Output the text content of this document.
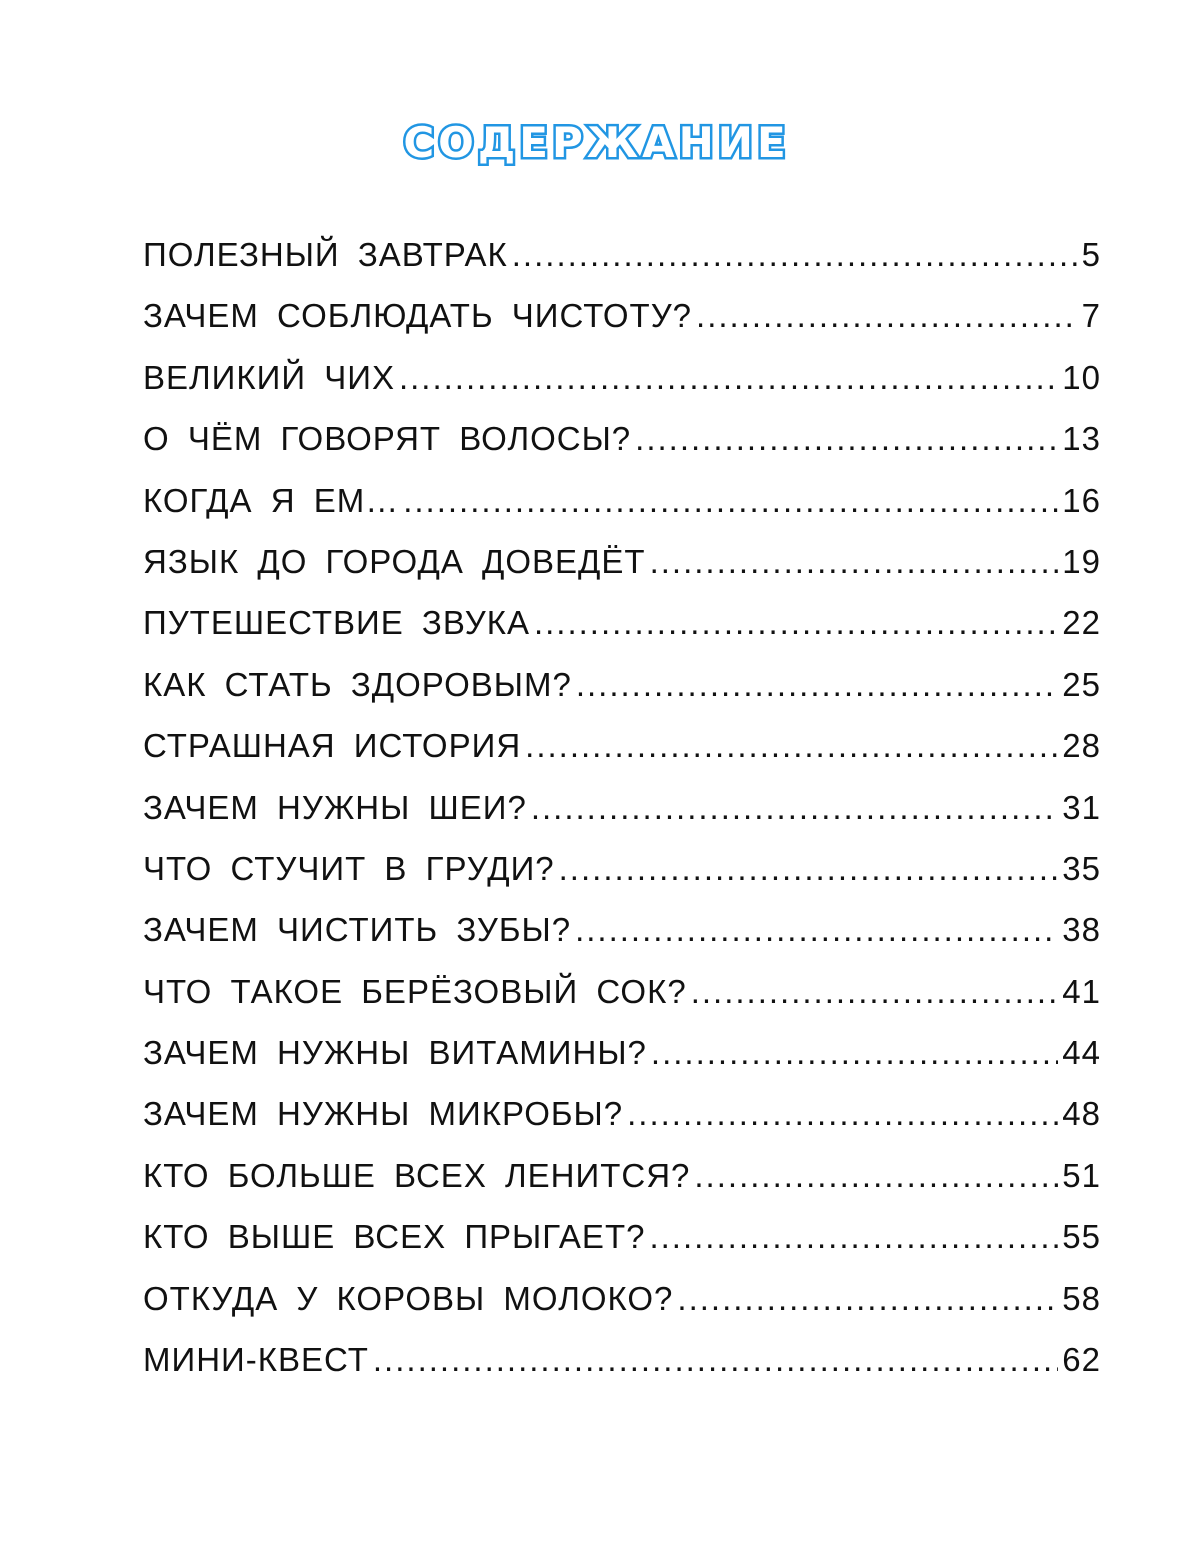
СОДЕРЖАНИЕ
ПОЛЕЗНЫЙ ЗАВТРАК .....	5
ЗАЧЕМ СОБЛЮДАТЬ ЧИСТОТУ? .....	7
ВЕЛИКИЙ ЧИХ .....	10
О ЧЁМ ГОВОРЯТ ВОЛОСЫ? .....	13
КОГДА Я ЕМ… .....	16
ЯЗЫК ДО ГОРОДА ДОВЕДЁТ .....	19
ПУТЕШЕСТВИЕ ЗВУКА .....	22
КАК СТАТЬ ЗДОРОВЫМ? .....	25
СТРАШНАЯ ИСТОРИЯ .....	28
ЗАЧЕМ НУЖНЫ ШЕИ? .....	31
ЧТО СТУЧИТ В ГРУДИ? .....	35
ЗАЧЕМ ЧИСТИТЬ ЗУБЫ? .....	38
ЧТО ТАКОЕ БЕРЁЗОВЫЙ СОК? .....	41
ЗАЧЕМ НУЖНЫ ВИТАМИНЫ? .....	44
ЗАЧЕМ НУЖНЫ МИКРОБЫ? .....	48
КТО БОЛЬШЕ ВСЕХ ЛЕНИТСЯ? .....	51
КТО ВЫШЕ ВСЕХ ПРЫГАЕТ? .....	55
ОТКУДА У КОРОВЫ МОЛОКО? .....	58
МИНИ-КВЕСТ .....	62
